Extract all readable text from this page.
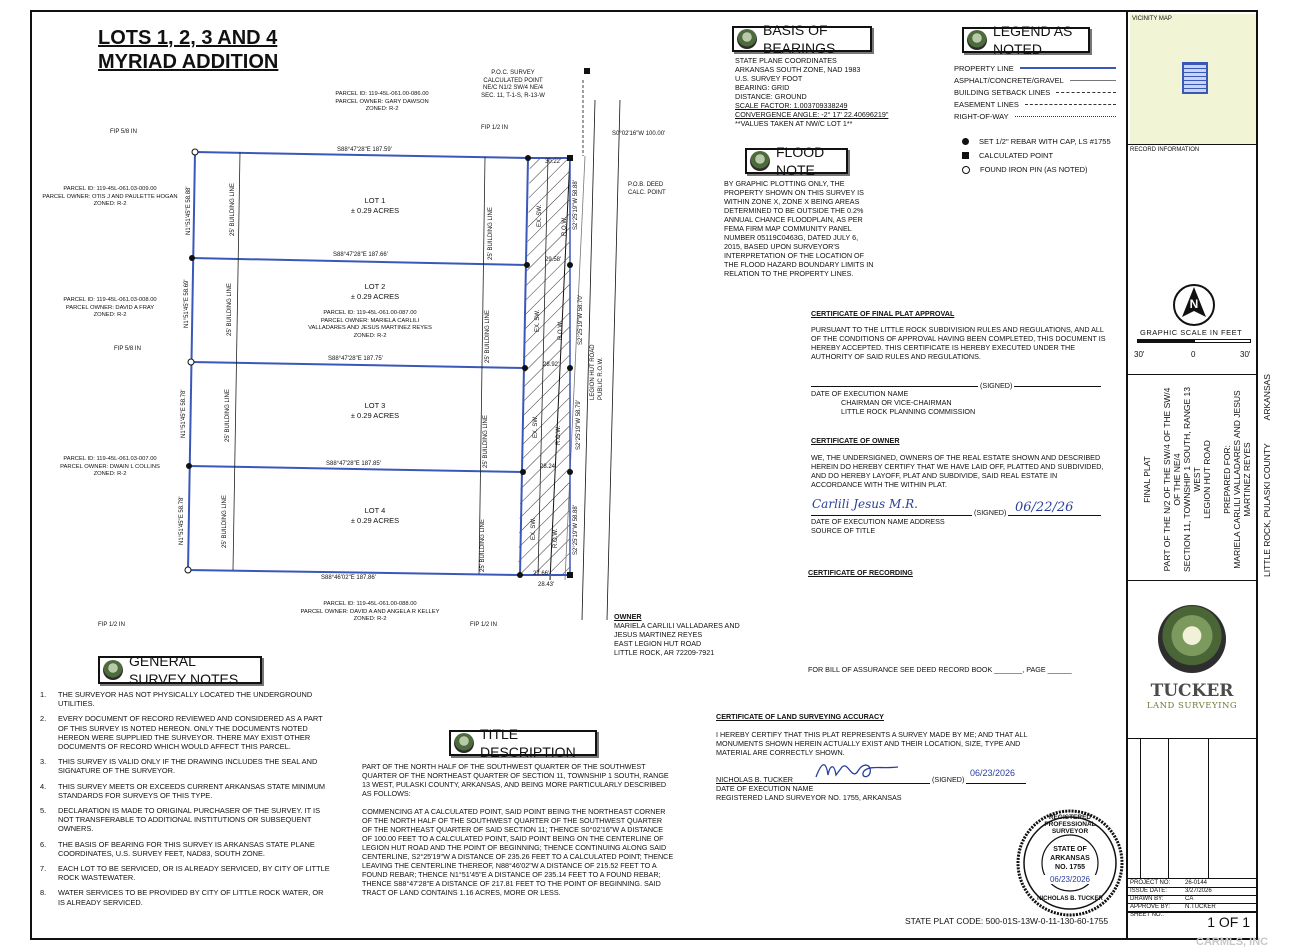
LOTS 1, 2, 3 AND 4
MYRIAD ADDITION
BASIS OF BEARINGS
STATE PLANE COORDINATES
ARKANSAS SOUTH ZONE, NAD 1983
U.S. SURVEY FOOT
BEARING: GRID
DISTANCE: GROUND
SCALE FACTOR: 1.003709338249
CONVERGENCE ANGLE: -2° 17' 22.40696219"
**VALUES TAKEN AT NW/C LOT 1**
LEGEND AS NOTED
PROPERTY LINE
ASPHALT/CONCRETE/GRAVEL
BUILDING SETBACK LINES
EASEMENT LINES
RIGHT-OF-WAY
SET 1/2" REBAR WITH CAP, LS #1755
CALCULATED POINT
FOUND IRON PIN (AS NOTED)
FLOOD NOTE
BY GRAPHIC PLOTTING ONLY, THE PROPERTY SHOWN ON THIS SURVEY IS WITHIN ZONE X, ZONE X BEING AREAS DETERMINED TO BE OUTSIDE THE 0.2% ANNUAL CHANCE FLOODPLAIN, AS PER FEMA FIRM MAP COMMUNITY PANEL NUMBER 05119C0463G, DATED JULY 6, 2015, BASED UPON SURVEYOR'S INTERPRETATION OF THE LOCATION OF THE FLOOD HAZARD BOUNDARY LIMITS IN RELATION TO THE PROPERTY LINES.
N
GRAPHIC SCALE IN FEET
30'	0	30'
PARCEL ID: 119-45L-061.00-086.00
PARCEL OWNER: GARY DAWSON
ZONED: R-2
PARCEL ID: 119-45L-061.03-009.00
PARCEL OWNER: OTIS J AND PAULETTE HOGAN
ZONED: R-2
PARCEL ID: 119-45L-061.03-008.00
PARCEL OWNER: DAVID A FRAY
ZONED: R-2	PARCEL ID: 119-45L-061.00-087.00
PARCEL OWNER: MARIELA CARLILI
VALLADARES AND JESUS MARTINEZ REYES
ZONED: R-2
PARCEL ID: 119-45L-061.03-007.00
PARCEL OWNER: DWAIN L COLLINS
ZONED: R-2
PARCEL ID: 119-45L-061.00-088.00
PARCEL OWNER: DAVID A AND ANGELA R KELLEY
ZONED: R-2
FIP 5/8 IN
FIP 1/2 IN
FIP 5/8 IN
FIP 1/2 IN	FIP 1/2 IN
P.O.C. SURVEY
CALCULATED POINT
NE/C N1/2 SW/4 NE/4
SEC. 11, T-1-S, R-13-W
P.O.B. DEED
CALC. POINT
S0°02'16"W 100.00'
LOT 1
± 0.29 ACRES
LOT 2
± 0.29 ACRES
LOT 3
± 0.29 ACRES
LOT 4
± 0.29 ACRES
S88°47'28"E 187.59'
S88°47'28"E 187.66'
S88°47'28"E 187.75'
S88°47'28"E 187.85'
S88°46'02"E 187.86'
30.22'
29.58'
28.92'
28.24'
27.66'
28.43'
N1°51'45"E 58.88'
N1°51'45"E 58.69'
N1°51'45"E 58.78'
N1°51'45"E 58.78'
25' BUILDING LINE
25' BUILDING LINE
25' BUILDING LINE
25' BUILDING LINE
25' BUILDING LINE
25' BUILDING LINE
25' BUILDING LINE
25' BUILDING LINE
EX. SW.
EX. SW.
EX. SW.
EX. SW.
S2°25'19"W 58.88'
S2°25'19"W 58.70'
S2°25'19"W 58.79'
S2°25'19"W 58.88'
R.O.W.
R.O.W.
R.O.W.
R.O.W.
LEGION HUT ROAD
PUBLIC R.O.W.
OWNER
MARIELA CARLILI VALLADARES AND
JESUS MARTINEZ REYES
EAST LEGION HUT ROAD
LITTLE ROCK, AR 72209-7921
GENERAL SURVEY NOTES
1.	THE SURVEYOR HAS NOT PHYSICALLY LOCATED THE UNDERGROUND UTILITIES.
2.	EVERY DOCUMENT OF RECORD REVIEWED AND CONSIDERED AS A PART OF THIS SURVEY IS NOTED HEREON. ONLY THE DOCUMENTS NOTED HEREON WERE SUPPLIED THE SURVEYOR. THERE MAY EXIST OTHER DOCUMENTS OF RECORD WHICH WOULD AFFECT THIS PARCEL.
3.	THIS SURVEY IS VALID ONLY IF THE DRAWING INCLUDES THE SEAL AND SIGNATURE OF THE SURVEYOR.
4.	THIS SURVEY MEETS OR EXCEEDS CURRENT ARKANSAS STATE MINIMUM STANDARDS FOR SURVEYS OF THIS TYPE.
5.	DECLARATION IS MADE TO ORIGINAL PURCHASER OF THE SURVEY. IT IS NOT TRANSFERABLE TO ADDITIONAL INSTITUTIONS OR SUBSEQUENT OWNERS.
6.	THE BASIS OF BEARING FOR THIS SURVEY IS ARKANSAS STATE PLANE COORDINATES, U.S. SURVEY FEET, NAD83, SOUTH ZONE.
7.	EACH LOT TO BE SERVICED, OR IS ALREADY SERVICED, BY CITY OF LITTLE ROCK WASTEWATER.
8.	WATER SERVICES TO BE PROVIDED BY CITY OF LITTLE ROCK WATER, OR IS ALREADY SERVICED.
TITLE DESCRIPTION
PART OF THE NORTH HALF OF THE SOUTHWEST QUARTER OF THE SOUTHWEST QUARTER OF THE NORTHEAST QUARTER OF SECTION 11, TOWNSHIP 1 SOUTH, RANGE 13 WEST, PULASKI COUNTY, ARKANSAS, AND BEING MORE PARTICULARLY DESCRIBED AS FOLLOWS:
COMMENCING AT A CALCULATED POINT, SAID POINT BEING THE NORTHEAST CORNER OF THE NORTH HALF OF THE SOUTHWEST QUARTER OF THE SOUTHWEST QUARTER OF THE NORTHEAST QUARTER OF SAID SECTION 11; THENCE S0°02'16"W A DISTANCE OF 100.00 FEET TO A CALCULATED POINT, SAID POINT BEING ON THE CENTERLINE OF LEGION HUT ROAD AND THE POINT OF BEGINNING; THENCE CONTINUING ALONG SAID CENTERLINE, S2°25'19"W A DISTANCE OF 235.26 FEET TO A CALCULATED POINT; THENCE LEAVING THE CENTERLINE THEREOF, N88°46'02"W A DISTANCE OF 215.52 FEET TO A FOUND REBAR; THENCE N1°51'45"E A DISTANCE OF 235.14 FEET TO A FOUND REBAR; THENCE S88°47'28"E A DISTANCE OF 217.81 FEET TO THE POINT OF BEGINNING. SAID TRACT OF LAND CONTAINS 1.16 ACRES, MORE OR LESS.
CERTIFICATE OF FINAL PLAT APPROVAL
PURSUANT TO THE LITTLE ROCK SUBDIVISION RULES AND REGULATIONS, AND ALL OF THE CONDITIONS OF APPROVAL HAVING BEEN COMPLETED, THIS DOCUMENT IS HEREBY ACCEPTED. THIS CERTIFICATE IS HEREBY EXECUTED UNDER THE AUTHORITY OF SAID RULES AND REGULATIONS.
(SIGNED)
DATE OF EXECUTION NAME
CHAIRMAN OR VICE-CHAIRMAN
LITTLE ROCK PLANNING COMMISSION
CERTIFICATE OF OWNER
WE, THE UNDERSIGNED, OWNERS OF THE REAL ESTATE SHOWN AND DESCRIBED HEREIN DO HEREBY CERTIFY THAT WE HAVE LAID OFF, PLATTED AND SUBDIVIDED, AND DO HEREBY LAYOFF, PLAT AND SUBDIVIDE, SAID REAL ESTATE IN ACCORDANCE WITH THE WITHIN PLAT.
Carlili Jesus M.R.
(SIGNED) 06/22/26
DATE OF EXECUTION NAME ADDRESS
SOURCE OF TITLE
CERTIFICATE OF RECORDING
FOR BILL OF ASSURANCE SEE DEED RECORD BOOK _______, PAGE ______
CERTIFICATE OF LAND SURVEYING ACCURACY
I HEREBY CERTIFY THAT THIS PLAT REPRESENTS A SURVEY MADE BY ME; AND THAT ALL MONUMENTS SHOWN HEREIN ACTUALLY EXIST AND THEIR LOCATION, SIZE, TYPE AND MATERIAL ARE CORRECTLY SHOWN.
NICHOLAS B. TUCKER	(SIGNED)
06/23/2026
DATE OF EXECUTION NAME
REGISTERED LAND SURVEYOR NO. 1755, ARKANSAS
REGISTERED PROFESSIONAL SURVEYOR
STATE OF
ARKANSAS
NO. 1755
NICHOLAS B. TUCKER
06/23/2026
STATE PLAT CODE: 500-01S-13W-0-11-130-60-1755
VICINITY MAP
RECORD INFORMATION

FINAL PLAT

PART OF THE N/2 OF THE SW/4 OF THE SW/4 OF THE NE/4
SECTION 11, TOWNSHIP 1 SOUTH, RANGE 13 WEST
LEGION HUT ROAD

PREPARED FOR:
MARIELA CARLILI VALLADARES AND JESUS MARTINEZ REYES LITTLE ROCK, PULASKI COUNTY          ARKANSAS

TUCKER
LAND SURVEYING
PROJECT NO:	26-0144
ISSUE DATE:	3/27/2026
DRAWN BY:	CA
APPROVE BY:	N.TUCKER
SHEET NO.:	1 OF 1
CARMLS, INC
